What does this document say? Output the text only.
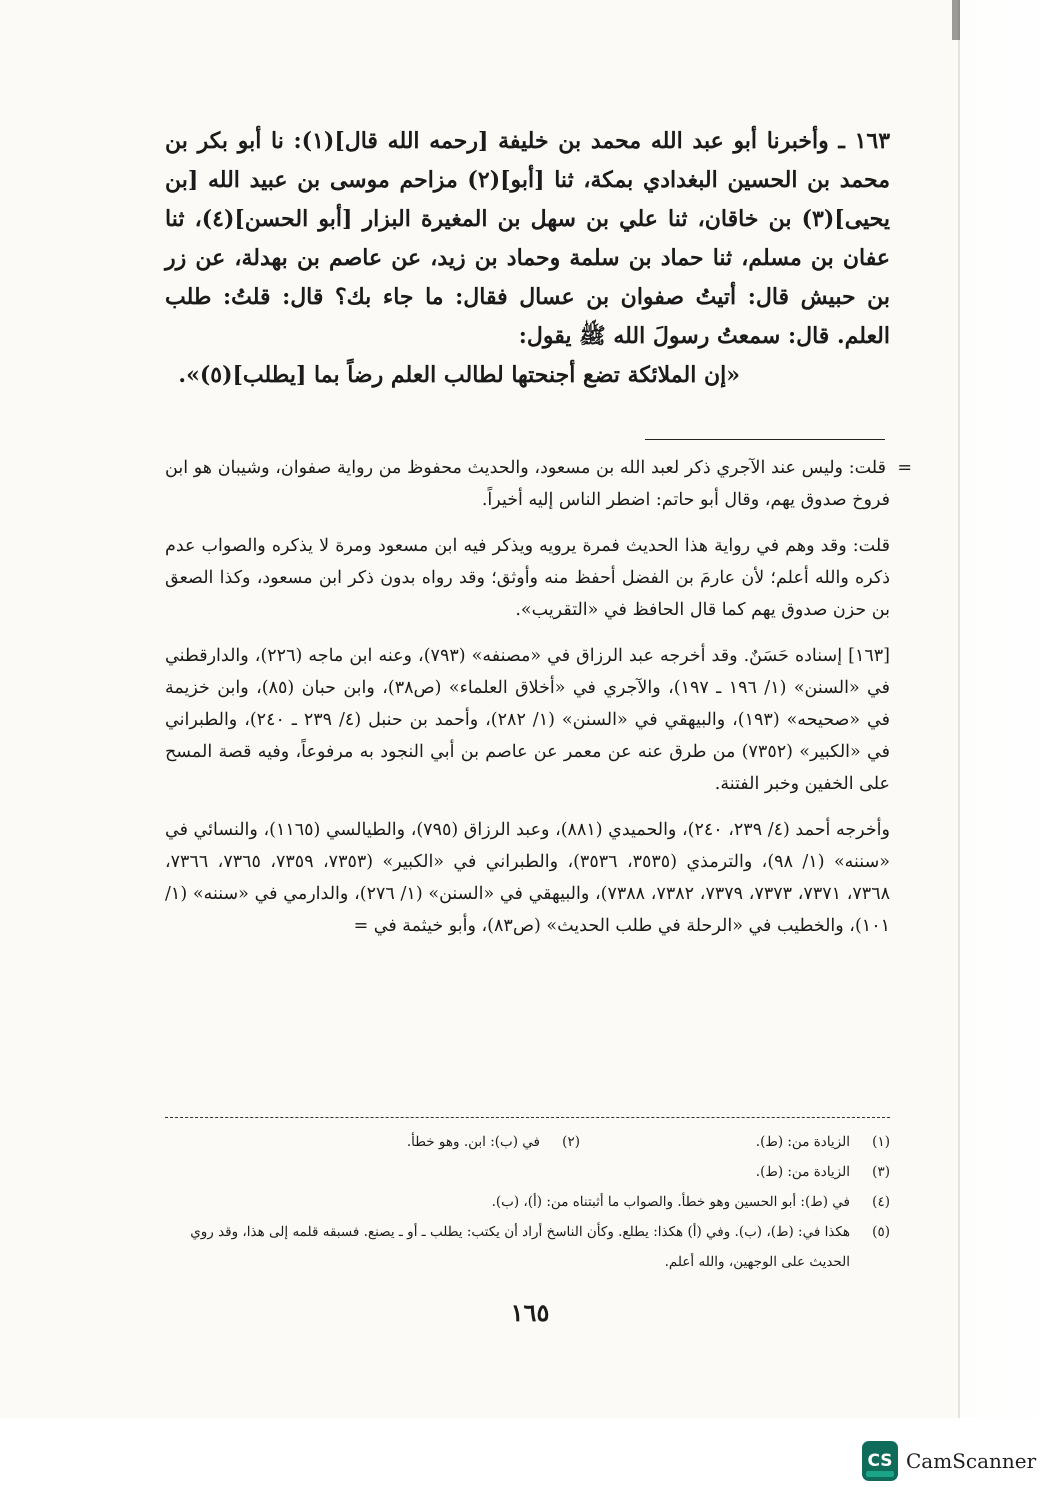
١٦٣ ـ وأخبرنا أبو عبد الله محمد بن خليفة [رحمه الله قال](١): نا أبو بكر بن محمد بن الحسين البغدادي بمكة، ثنا [أبو](٢) مزاحم موسى بن عبيد الله [بن يحيى](٣) بن خاقان، ثنا علي بن سهل بن المغيرة البزار [أبو الحسن](٤)، ثنا عفان بن مسلم، ثنا حماد بن سلمة وحماد بن زيد، عن عاصم بن بهدلة، عن زر بن حبيش قال: أتيتُ صفوان بن عسال فقال: ما جاء بك؟ قال: قلتُ: طلب العلم. قال: سمعتُ رسولَ الله ﷺ يقول:

«إن الملائكة تضع أجنحتها لطالب العلم رضاً بما [يطلب](٥)».

=  قلت: وليس عند الآجري ذكر لعبد الله بن مسعود، والحديث محفوظ من رواية صفوان، وشيبان هو ابن فروخ صدوق يهم، وقال أبو حاتم: اضطر الناس إليه أخيراً.

قلت: وقد وهم في رواية هذا الحديث فمرة يرويه ويذكر فيه ابن مسعود ومرة لا يذكره والصواب عدم ذكره والله أعلم؛ لأن عارمَ بن الفضل أحفظ منه وأوثق؛ وقد رواه بدون ذكر ابن مسعود، وكذا الصعق بن حزن صدوق يهم كما قال الحافظ في «التقريب».

[١٦٣] إسناده حَسَنٌ. وقد أخرجه عبد الرزاق في «مصنفه» (٧٩٣)، وعنه ابن ماجه (٢٢٦)، والدارقطني في «السنن» (١/ ١٩٦ ـ ١٩٧)، والآجري في «أخلاق العلماء» (ص٣٨)، وابن حبان (٨٥)، وابن خزيمة في «صحيحه» (١٩٣)، والبيهقي في «السنن» (١/ ٢٨٢)، وأحمد بن حنبل (٤/ ٢٣٩ ـ ٢٤٠)، والطبراني في «الكبير» (٧٣٥٢) من طرق عنه عن معمر عن عاصم بن أبي النجود به مرفوعاً، وفيه قصة المسح على الخفين وخبر الفتنة.

وأخرجه أحمد (٤/ ٢٣٩، ٢٤٠)، والحميدي (٨٨١)، وعبد الرزاق (٧٩٥)، والطيالسي (١١٦٥)، والنسائي في «سننه» (١/ ٩٨)، والترمذي (٣٥٣٥، ٣٥٣٦)، والطبراني في «الكبير» (٧٣٥٣، ٧٣٥٩، ٧٣٦٥، ٧٣٦٦، ٧٣٦٨، ٧٣٧١، ٧٣٧٣، ٧٣٧٩، ٧٣٨٢، ٧٣٨٨)، والبيهقي في «السنن» (١/ ٢٧٦)، والدارمي في «سننه» (١/ ١٠١)، والخطيب في «الرحلة في طلب الحديث» (ص٨٣)، وأبو خيثمة في =

(١)
الزيادة من: (ط).
(٢)
في (ب): ابن. وهو خطأ.
(٣)
الزيادة من: (ط).
(٤)
في (ط): أبو الحسين وهو خطأ. والصواب ما أثبتناه من: (أ)، (ب).
(٥)
هكذا في: (ط)، (ب). وفي (أ) هكذا: يطلع. وكأن الناسخ أراد أن يكتب: يطلب ـ أو ـ يصنع. فسبقه قلمه إلى هذا، وقد روي الحديث على الوجهين، والله أعلم.
١٦٥
CS CamScanner
